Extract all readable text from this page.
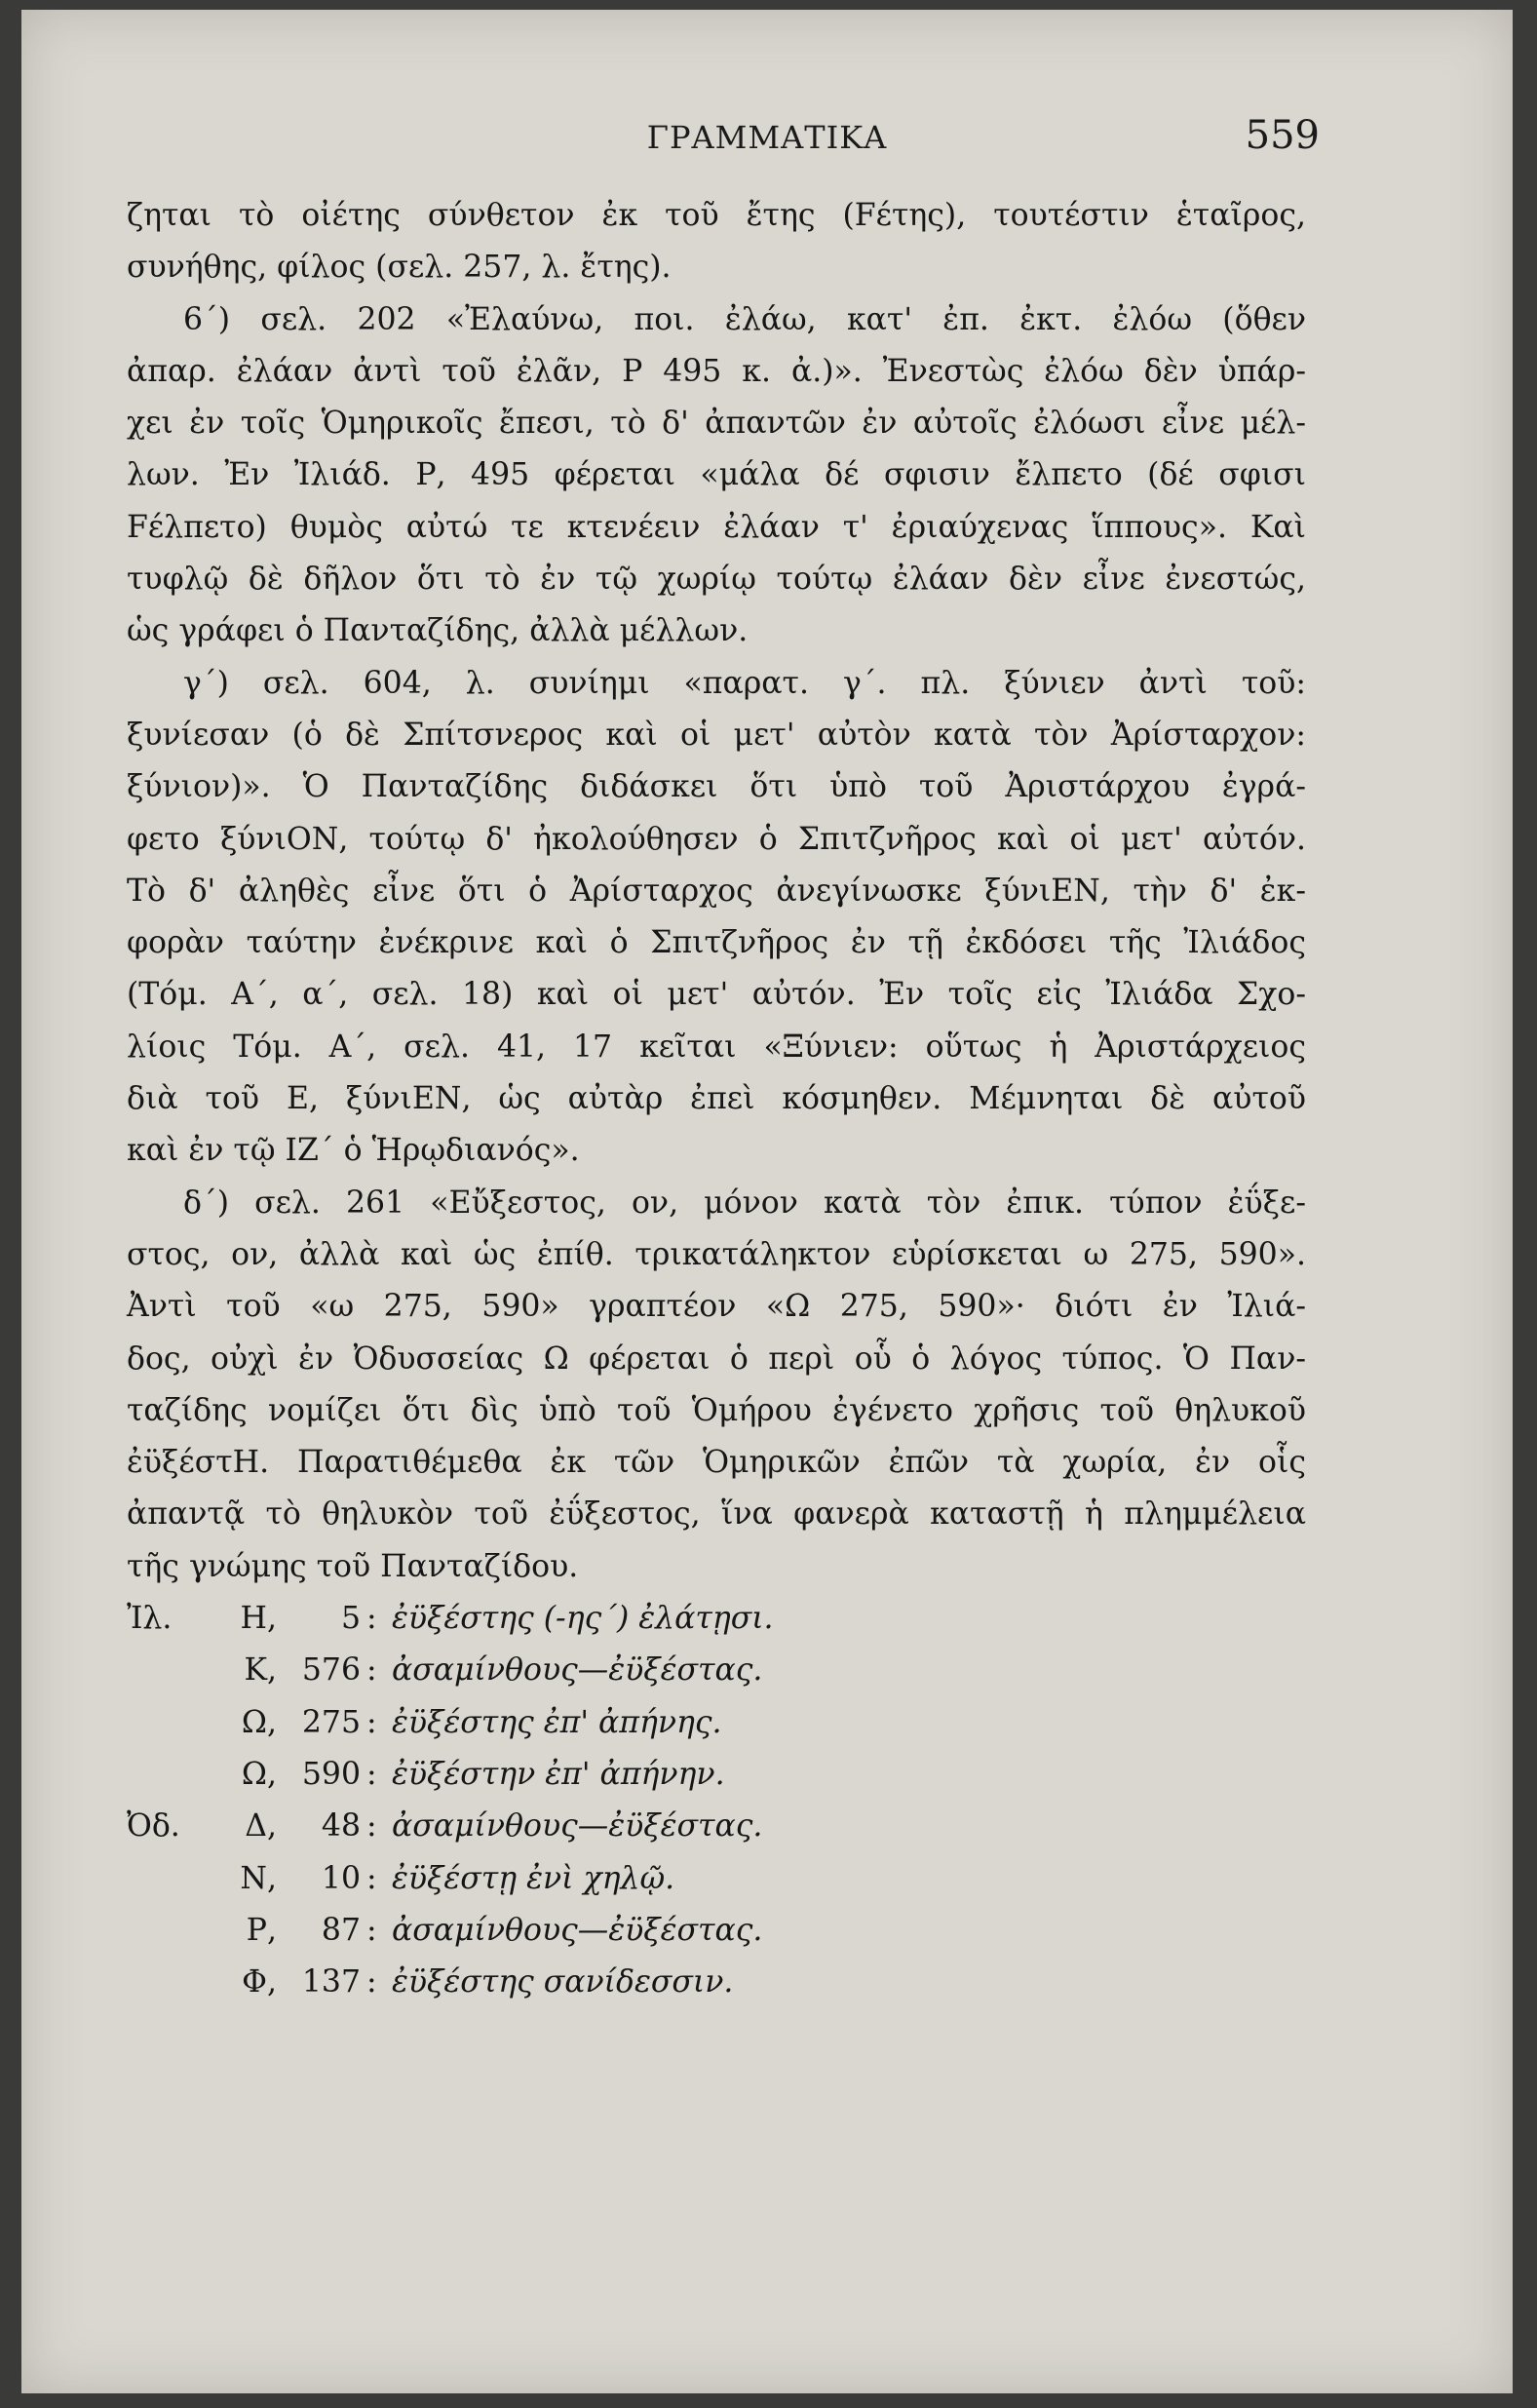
ΓΡΑΜΜΑΤΙΚΑ	559
ζηται τὸ οἰέτης σύνθετον ἐκ τοῦ ἔτης (Fέτης), τουτέστιν ἑταῖρος,
συνήθης, φίλος (σελ. 257, λ. ἔτης).
6΄) σελ. 202 «Ἐλαύνω, ποι. ἐλάω, κατ' ἐπ. ἐκτ. ἐλόω (ὅθεν
ἀπαρ. ἐλάαν ἀντὶ τοῦ ἐλᾶν, Ρ 495 κ. ἀ.)». Ἐνεστὼς ἐλόω δὲν ὑπάρ-
χει ἐν τοῖς Ὁμηρικοῖς ἔπεσι, τὸ δ' ἀπαντῶν ἐν αὐτοῖς ἐλόωσι εἶνε μέλ-
λων. Ἐν Ἰλιάδ. Ρ, 495 φέρεται «μάλα δέ σφισιν ἔλπετο (δέ σφισι
Fέλπετο) θυμὸς αὐτώ τε κτενέειν ἐλάαν τ' ἐριαύχενας ἵππους». Καὶ
τυφλῷ δὲ δῆλον ὅτι τὸ ἐν τῷ χωρίῳ τούτῳ ἐλάαν δὲν εἶνε ἐνεστώς,
ὡς γράφει ὁ Πανταζίδης, ἀλλὰ μέλλων.
γ΄) σελ. 604, λ. συνίημι «παρατ. γ΄. πλ. ξύνιεν ἀντὶ τοῦ:
ξυνίεσαν (ὁ δὲ Σπίτσνερος καὶ οἱ μετ' αὐτὸν κατὰ τὸν Ἀρίσταρχον:
ξύνιον)». Ὁ Πανταζίδης διδάσκει ὅτι ὑπὸ τοῦ Ἀριστάρχου ἐγρά-
φετο ξύνιΟΝ, τούτῳ δ' ἠκολούθησεν ὁ Σπιτζνῆρος καὶ οἱ μετ' αὐτόν.
Τὸ δ' ἀληθὲς εἶνε ὅτι ὁ Ἀρίσταρχος ἀνεγίνωσκε ξύνιΕΝ, τὴν δ' ἐκ-
φορὰν ταύτην ἐνέκρινε καὶ ὁ Σπιτζνῆρος ἐν τῇ ἐκδόσει τῆς Ἰλιάδος
(Τόμ. Α΄, α΄, σελ. 18) καὶ οἱ μετ' αὐτόν. Ἐν τοῖς εἰς Ἰλιάδα Σχο-
λίοις Τόμ. Α΄, σελ. 41, 17 κεῖται «Ξύνιεν: οὕτως ἡ Ἀριστάρχειος
διὰ τοῦ Ε, ξύνιΕΝ, ὡς αὐτὰρ ἐπεὶ κόσμηθεν. Μέμνηται δὲ αὐτοῦ
καὶ ἐν τῷ ΙΖ΄ ὁ Ἡρῳδιανός».
δ΄) σελ. 261 «Εὔξεστος, ον, μόνον κατὰ τὸν ἐπικ. τύπον ἐΰξε-
στος, ον, ἀλλὰ καὶ ὡς ἐπίθ. τρικατάληκτον εὑρίσκεται ω 275, 590».
Ἀντὶ τοῦ «ω 275, 590» γραπτέον «Ω 275, 590»· διότι ἐν Ἰλιά-
δος, οὐχὶ ἐν Ὀδυσσείας Ω φέρεται ὁ περὶ οὗ ὁ λόγος τύπος. Ὁ Παν-
ταζίδης νομίζει ὅτι δὶς ὑπὸ τοῦ Ὁμήρου ἐγένετο χρῆσις τοῦ θηλυκοῦ
ἐϋξέστΗ. Παρατιθέμεθα ἐκ τῶν Ὁμηρικῶν ἐπῶν τὰ χωρία, ἐν οἷς
ἀπαντᾷ τὸ θηλυκὸν τοῦ ἐΰξεστος, ἵνα φανερὰ καταστῇ ἡ πλημμέλεια
τῆς γνώμης τοῦ Πανταζίδου.
Ἰλ.	Η,	5 : ἐϋξέστης (-ης΄) ἐλάτῃσι.
Κ, 576 : ἀσαμίνθους—ἐϋξέστας.
Ω, 275 : ἐϋξέστης ἐπ' ἀπήνης.
Ω, 590 : ἐϋξέστην ἐπ' ἀπήνην.
Ὀδ.	Δ,	48 : ἀσαμίνθους—ἐϋξέστας.
Ν,	10 : ἐϋξέστῃ ἐνὶ χηλῷ.
Ρ,	87 : ἀσαμίνθους—ἐϋξέστας.
Φ, 137 : ἐϋξέστης σανίδεσσιν.
